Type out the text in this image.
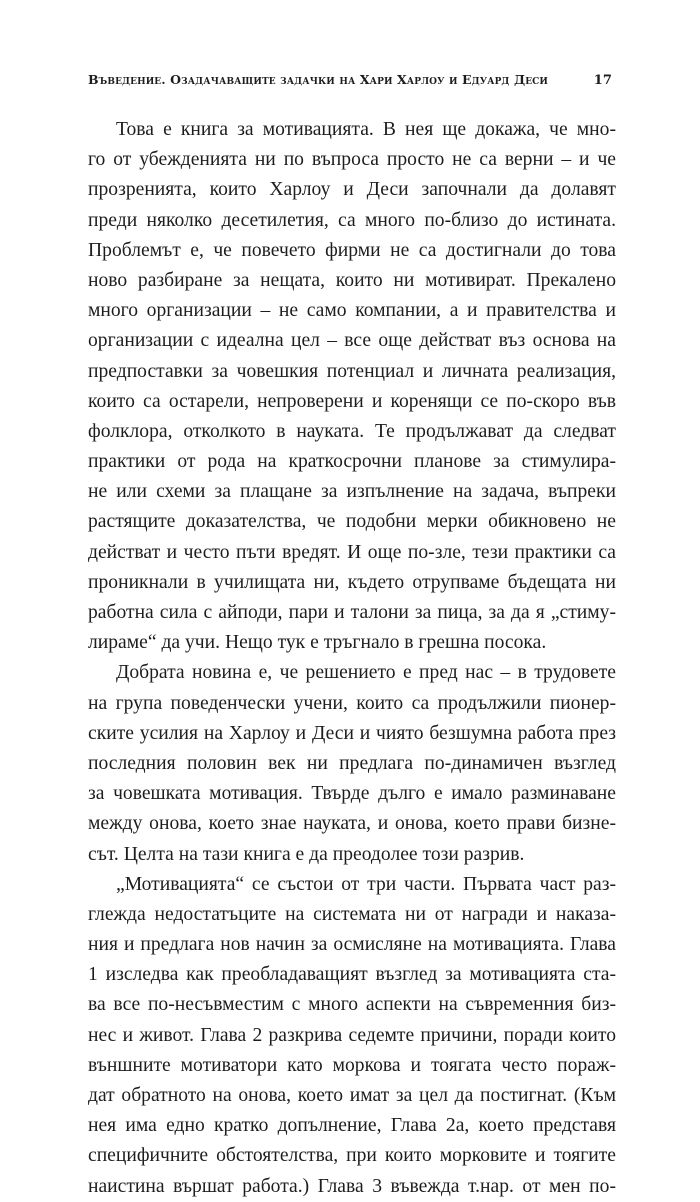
Въведение. Озадачаващите задачки на Хари Харлоу и Едуард Деси	17

Това е книга за мотивацията. В нея ще докажа, че мно-
го от убежденията ни по въпроса просто не са верни – и че
прозренията, които Харлоу и Деси започнали да долавят
преди няколко десетилетия, са много по-близо до истината.
Проблемът е, че повечето фирми не са достигнали до това
ново разбиране за нещата, които ни мотивират. Прекалено
много организации – не само компании, а и правителства и
организации с идеална цел – все още действат въз основа на
предпоставки за човешкия потенциал и личната реализация,
които са остарели, непроверени и коренящи се по-скоро във
фолклора, отколкото в науката. Те продължават да следват
практики от рода на краткосрочни планове за стимулира-
не или схеми за плащане за изпълнение на задача, въпреки
растящите доказателства, че подобни мерки обикновено не
действат и често пъти вредят. И още по-зле, тези практики са
проникнали в училищата ни, където отрупваме бъдещата ни
работна сила с айподи, пари и талони за пица, за да я „стиму-
лираме“ да учи. Нещо тук е тръгнало в грешна посока.

Добрата новина е, че решението е пред нас – в трудовете
на група поведенчески учени, които са продължили пионер-
ските усилия на Харлоу и Деси и чиято безшумна работа през
последния половин век ни предлага по-динамичен възглед
за човешката мотивация. Твърде дълго е имало разминаване
между онова, което знае науката, и онова, което прави бизне-
сът. Целта на тази книга е да преодолее този разрив.

„Мотивацията“ се състои от три части. Първата част раз-
глежда недостатъците на системата ни от награди и наказа-
ния и предлага нов начин за осмисляне на мотивацията. Глава
1 изследва как преобладаващият възглед за мотивацията ста-
ва все по-несъвместим с много аспекти на съвременния биз-
нес и живот. Глава 2 разкрива седемте причини, поради които
външните мотиватори като моркова и тоягата често пораж-
дат обратното на онова, което имат за цел да постигнат. (Към
нея има едно кратко допълнение, Глава 2а, което представя
специфичните обстоятелства, при които морковите и тоягите
наистина вършат работа.) Глава 3 въвежда т.нар. от мен по-
